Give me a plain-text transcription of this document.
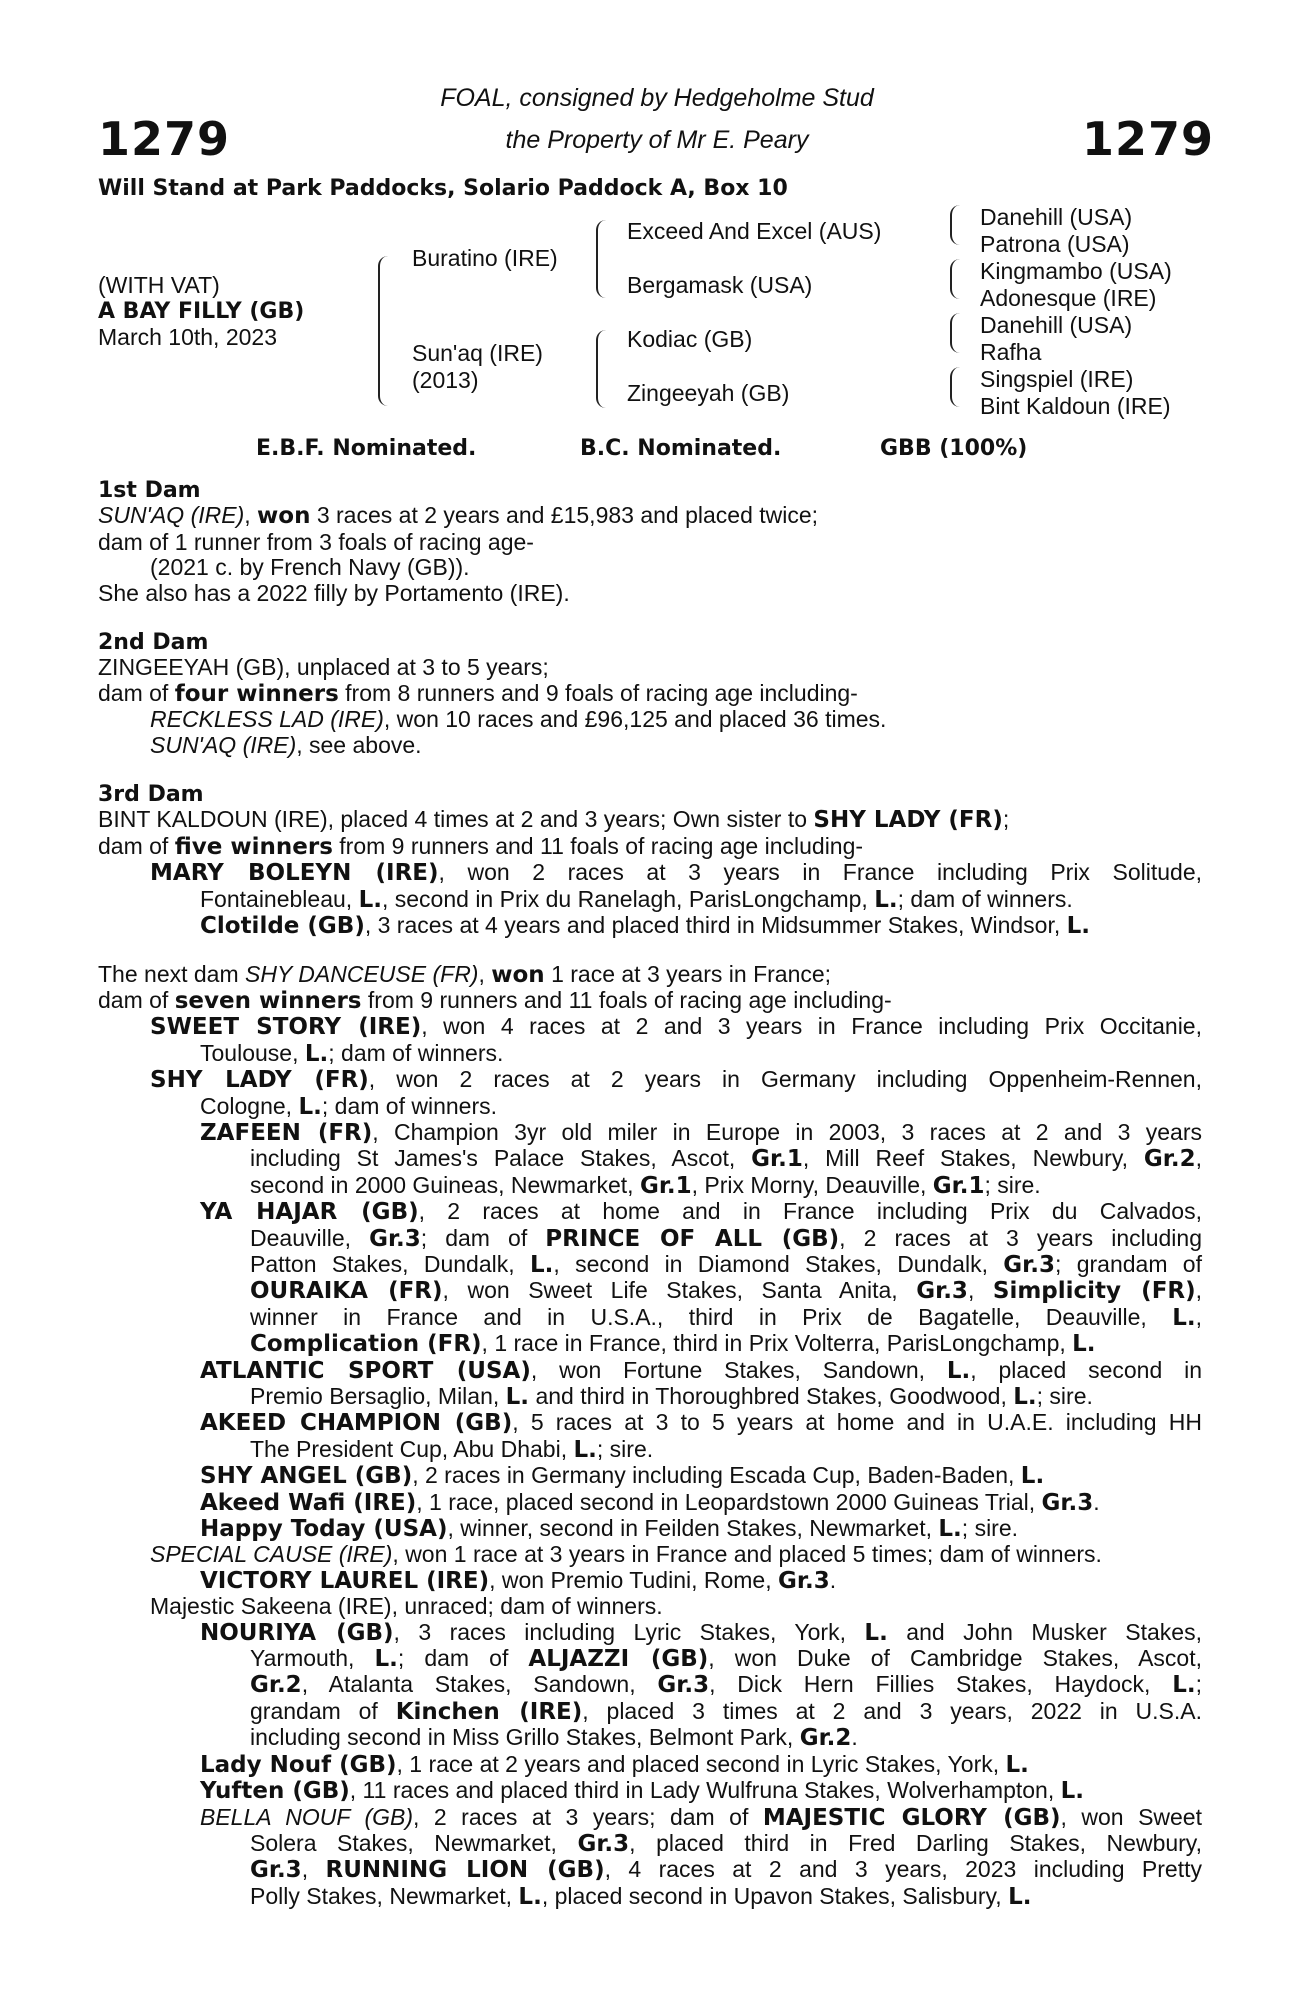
1279	1279
FOAL, consigned by Hedgeholme Stud
the Property of Mr E. Peary
Will Stand at Park Paddocks, Solario Paddock A, Box 10
(WITH VAT)
A BAY FILLY (GB)
March 10th, 2023
Buratino (IRE)
Sun'aq (IRE)
(2013)
Exceed And Excel (AUS)
Bergamask (USA)
Kodiac (GB)
Zingeeyah (GB)
Danehill (USA)
Patrona (USA)
Kingmambo (USA)
Adonesque (IRE)
Danehill (USA)
Rafha
Singspiel (IRE)
Bint Kaldoun (IRE)
E.B.F. Nominated.	B.C. Nominated.	GBB (100%)

1st Dam

SUN'AQ (IRE), won 3 races at 2 years and £15,983 and placed twice;

dam of 1 runner from 3 foals of racing age-

(2021 c. by French Navy (GB)).

She also has a 2022 filly by Portamento (IRE).

2nd Dam

ZINGEEYAH (GB), unplaced at 3 to 5 years;

dam of four winners from 8 runners and 9 foals of racing age including-

RECKLESS LAD (IRE), won 10 races and £96,125 and placed 36 times.

SUN'AQ (IRE), see above.

3rd Dam

BINT KALDOUN (IRE), placed 4 times at 2 and 3 years; Own sister to SHY LADY (FR);

dam of five winners from 9 runners and 11 foals of racing age including-

MARY BOLEYN (IRE), won 2 races at 3 years in France including Prix Solitude,

Fontainebleau, L., second in Prix du Ranelagh, ParisLongchamp, L.; dam of winners.

Clotilde (GB), 3 races at 4 years and placed third in Midsummer Stakes, Windsor, L.

The next dam SHY DANCEUSE (FR), won 1 race at 3 years in France;

dam of seven winners from 9 runners and 11 foals of racing age including-

SWEET STORY (IRE), won 4 races at 2 and 3 years in France including Prix Occitanie,

Toulouse, L.; dam of winners.

SHY LADY (FR), won 2 races at 2 years in Germany including Oppenheim-Rennen,

Cologne, L.; dam of winners.

ZAFEEN (FR), Champion 3yr old miler in Europe in 2003, 3 races at 2 and 3 years

including St James's Palace Stakes, Ascot, Gr.1, Mill Reef Stakes, Newbury, Gr.2,

second in 2000 Guineas, Newmarket, Gr.1, Prix Morny, Deauville, Gr.1; sire.

YA HAJAR (GB), 2 races at home and in France including Prix du Calvados,

Deauville, Gr.3; dam of PRINCE OF ALL (GB), 2 races at 3 years including

Patton Stakes, Dundalk, L., second in Diamond Stakes, Dundalk, Gr.3; grandam of

OURAIKA (FR), won Sweet Life Stakes, Santa Anita, Gr.3, Simplicity (FR),

winner in France and in U.S.A., third in Prix de Bagatelle, Deauville, L.,

Complication (FR), 1 race in France, third in Prix Volterra, ParisLongchamp, L.

ATLANTIC SPORT (USA), won Fortune Stakes, Sandown, L., placed second in

Premio Bersaglio, Milan, L. and third in Thoroughbred Stakes, Goodwood, L.; sire.

AKEED CHAMPION (GB), 5 races at 3 to 5 years at home and in U.A.E. including HH

The President Cup, Abu Dhabi, L.; sire.

SHY ANGEL (GB), 2 races in Germany including Escada Cup, Baden-Baden, L.

Akeed Wafi (IRE), 1 race, placed second in Leopardstown 2000 Guineas Trial, Gr.3.

Happy Today (USA), winner, second in Feilden Stakes, Newmarket, L.; sire.

SPECIAL CAUSE (IRE), won 1 race at 3 years in France and placed 5 times; dam of winners.

VICTORY LAUREL (IRE), won Premio Tudini, Rome, Gr.3.

Majestic Sakeena (IRE), unraced; dam of winners.

NOURIYA (GB), 3 races including Lyric Stakes, York, L. and John Musker Stakes,

Yarmouth, L.; dam of ALJAZZI (GB), won Duke of Cambridge Stakes, Ascot,

Gr.2, Atalanta Stakes, Sandown, Gr.3, Dick Hern Fillies Stakes, Haydock, L.;

grandam of Kinchen (IRE), placed 3 times at 2 and 3 years, 2022 in U.S.A.

including second in Miss Grillo Stakes, Belmont Park, Gr.2.

Lady Nouf (GB), 1 race at 2 years and placed second in Lyric Stakes, York, L.

Yuften (GB), 11 races and placed third in Lady Wulfruna Stakes, Wolverhampton, L.

BELLA NOUF (GB), 2 races at 3 years; dam of MAJESTIC GLORY (GB), won Sweet

Solera Stakes, Newmarket, Gr.3, placed third in Fred Darling Stakes, Newbury,

Gr.3, RUNNING LION (GB), 4 races at 2 and 3 years, 2023 including Pretty

Polly Stakes, Newmarket, L., placed second in Upavon Stakes, Salisbury, L.
